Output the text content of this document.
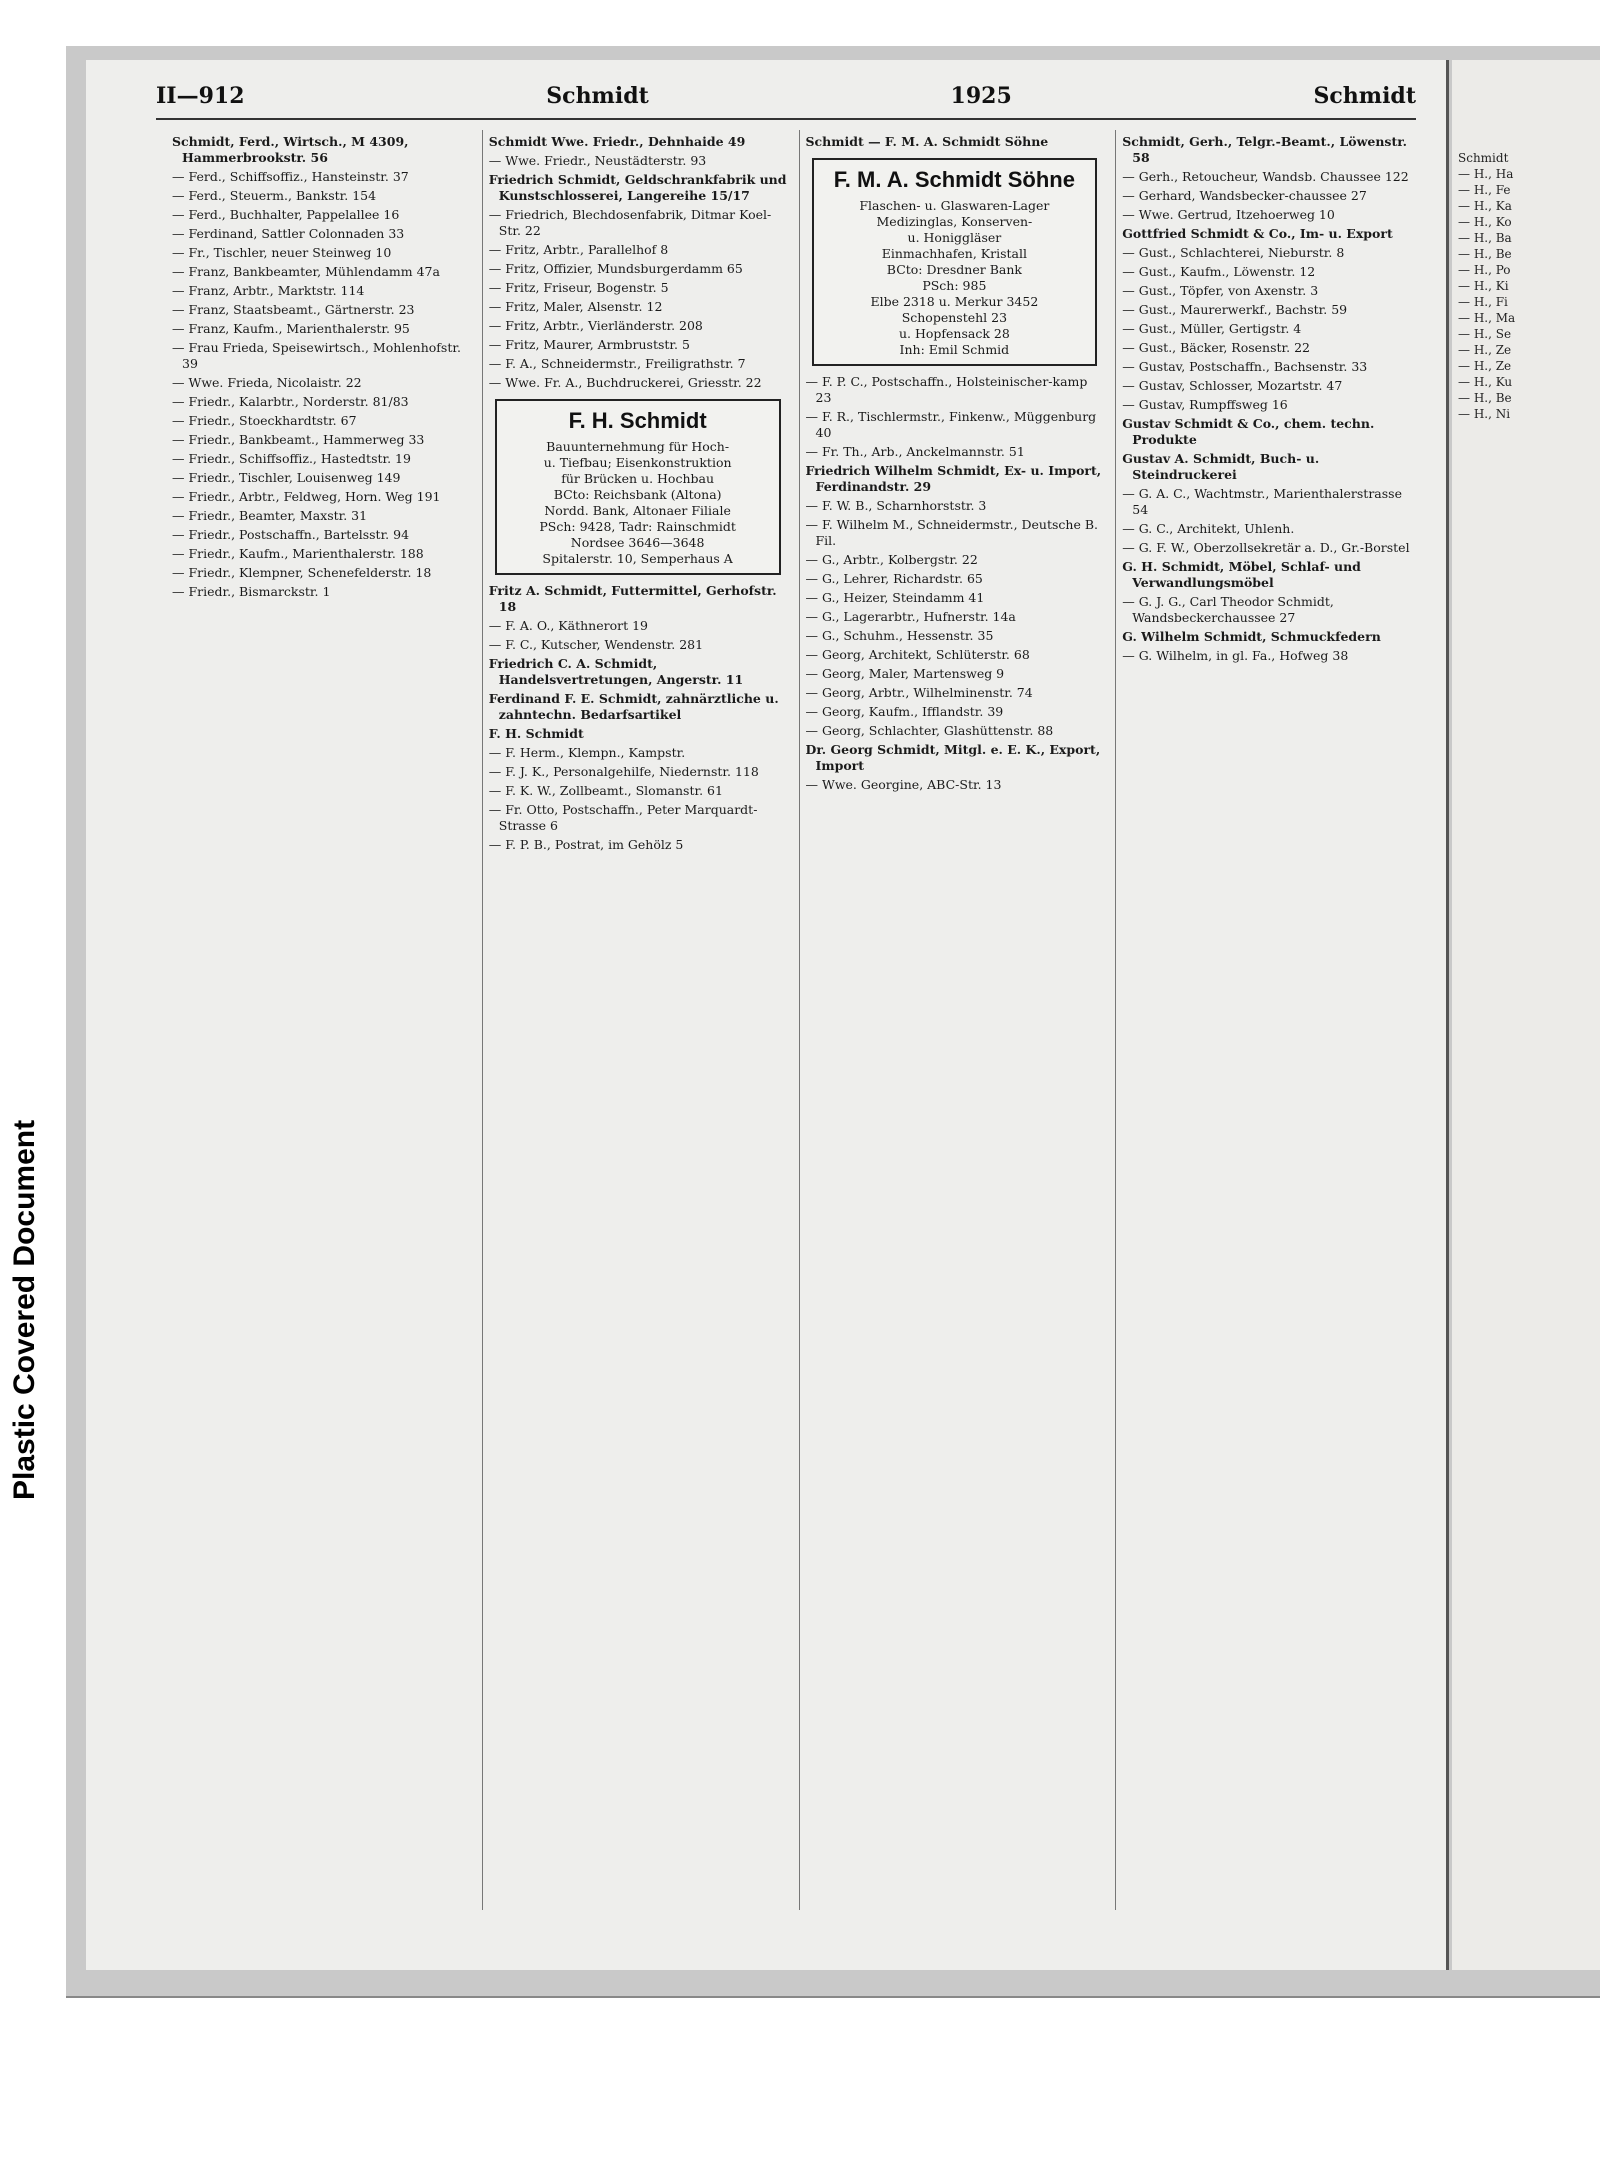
Plastic Covered Document
II—912	Schmidt	1925	Schmidt

Schmidt, Ferd., Wirtsch., M 4309, Hammerbrookstr. 56

— Ferd., Schiffsoffiz., Hansteinstr. 37

— Ferd., Steuerm., Bankstr. 154

— Ferd., Buchhalter, Pappelallee 16

— Ferdinand, Sattler Colonnaden 33

— Fr., Tischler, neuer Steinweg 10

— Franz, Bankbeamter, Mühlendamm 47a

— Franz, Arbtr., Marktstr. 114

— Franz, Staatsbeamt., Gärtnerstr. 23

— Franz, Kaufm., Marienthalerstr. 95

— Frau Frieda, Speisewirtsch., Mohlenhofstr. 39

— Wwe. Frieda, Nicolaistr. 22

— Friedr., Kalarbtr., Norderstr. 81/83

— Friedr., Stoeckhardtstr. 67

— Friedr., Bankbeamt., Hammerweg 33

— Friedr., Schiffsoffiz., Hastedtstr. 19

— Friedr., Tischler, Louisenweg 149

— Friedr., Arbtr., Feldweg, Horn. Weg 191

— Friedr., Beamter, Maxstr. 31

— Friedr., Postschaffn., Bartelsstr. 94

— Friedr., Kaufm., Marienthalerstr. 188

— Friedr., Klempner, Schenefelderstr. 18

— Friedr., Bismarckstr. 1

Schmidt Wwe. Friedr., Dehnhaide 49

— Wwe. Friedr., Neustädterstr. 93

Friedrich Schmidt, Geldschrankfabrik und Kunstschlosserei, Langereihe 15/17

— Friedrich, Blechdosenfabrik, Ditmar Koel-Str. 22

— Fritz, Arbtr., Parallelhof 8

— Fritz, Offizier, Mundsburgerdamm 65

— Fritz, Friseur, Bogenstr. 5

— Fritz, Maler, Alsenstr. 12

— Fritz, Arbtr., Vierländerstr. 208

— Fritz, Maurer, Armbruststr. 5

— F. A., Schneidermstr., Freiligrathstr. 7

— Wwe. Fr. A., Buchdruckerei, Griesstr. 22

F. H. Schmidt
Bauunternehmung für Hoch-
u. Tiefbau; Eisenkonstruktion
für Brücken u. Hochbau
BCto: Reichsbank (Altona)
Nordd. Bank, Altonaer Filiale
PSch: 9428, Tadr: Rainschmidt
Nordsee 3646—3648
Spitalerstr. 10, Semperhaus A

Fritz A. Schmidt, Futtermittel, Gerhofstr. 18

— F. A. O., Käthnerort 19

— F. C., Kutscher, Wendenstr. 281

Friedrich C. A. Schmidt, Handelsvertretungen, Angerstr. 11

Ferdinand F. E. Schmidt, zahnärztliche u. zahntechn. Bedarfsartikel

F. H. Schmidt

— F. Herm., Klempn., Kampstr.

— F. J. K., Personalgehilfe, Niedernstr. 118

— F. K. W., Zollbeamt., Slomanstr. 61

— Fr. Otto, Postschaffn., Peter Marquardt-Strasse 6

— F. P. B., Postrat, im Gehölz 5

Schmidt — F. M. A. Schmidt Söhne

F. M. A. Schmidt Söhne
Flaschen- u. Glaswaren-Lager
Medizinglas, Konserven-
u. Honiggläser
Einmachhafen, Kristall
BCto: Dresdner Bank
PSch: 985
Elbe 2318 u. Merkur 3452
Schopenstehl 23
u. Hopfensack 28
Inh: Emil Schmid

— F. P. C., Postschaffn., Holsteinischer-kamp 23

— F. R., Tischlermstr., Finkenw., Müggenburg 40

— Fr. Th., Arb., Anckelmannstr. 51

Friedrich Wilhelm Schmidt, Ex- u. Import, Ferdinandstr. 29

— F. W. B., Scharnhorststr. 3

— F. Wilhelm M., Schneidermstr., Deutsche B. Fil.

— G., Arbtr., Kolbergstr. 22

— G., Lehrer, Richardstr. 65

— G., Heizer, Steindamm 41

— G., Lagerarbtr., Hufnerstr. 14a

— G., Schuhm., Hessenstr. 35

— Georg, Architekt, Schlüterstr. 68

— Georg, Maler, Martensweg 9

— Georg, Arbtr., Wilhelminenstr. 74

— Georg, Kaufm., Ifflandstr. 39

— Georg, Schlachter, Glashüttenstr. 88

Dr. Georg Schmidt, Mitgl. e. E. K., Export, Import

— Wwe. Georgine, ABC-Str. 13

Schmidt, Gerh., Telgr.-Beamt., Löwenstr. 58

— Gerh., Retoucheur, Wandsb. Chaussee 122

— Gerhard, Wandsbecker-chaussee 27

— Wwe. Gertrud, Itzehoerweg 10

Gottfried Schmidt & Co., Im- u. Export

— Gust., Schlachterei, Nieburstr. 8

— Gust., Kaufm., Löwenstr. 12

— Gust., Töpfer, von Axenstr. 3

— Gust., Maurerwerkf., Bachstr. 59

— Gust., Müller, Gertigstr. 4

— Gust., Bäcker, Rosenstr. 22

— Gustav, Postschaffn., Bachsenstr. 33

— Gustav, Schlosser, Mozartstr. 47

— Gustav, Rumpffsweg 16

Gustav Schmidt & Co., chem. techn. Produkte

Gustav A. Schmidt, Buch- u. Steindruckerei

— G. A. C., Wachtmstr., Marienthalerstrasse 54

— G. C., Architekt, Uhlenh.

— G. F. W., Oberzollsekretär a. D., Gr.-Borstel

G. H. Schmidt, Möbel, Schlaf- und Verwandlungsmöbel

— G. J. G., Carl Theodor Schmidt, Wandsbeckerchaussee 27

G. Wilhelm Schmidt, Schmuckfedern

— G. Wilhelm, in gl. Fa., Hofweg 38

Schmidt
— H., Ha
— H., Fe
— H., Ka
— H., Ko
— H., Ba
— H., Be
— H., Po
— H., Ki
— H., Fi
— H., Ma
— H., Se
— H., Ze
— H., Ze
— H., Ku
— H., Be
— H., Ni
